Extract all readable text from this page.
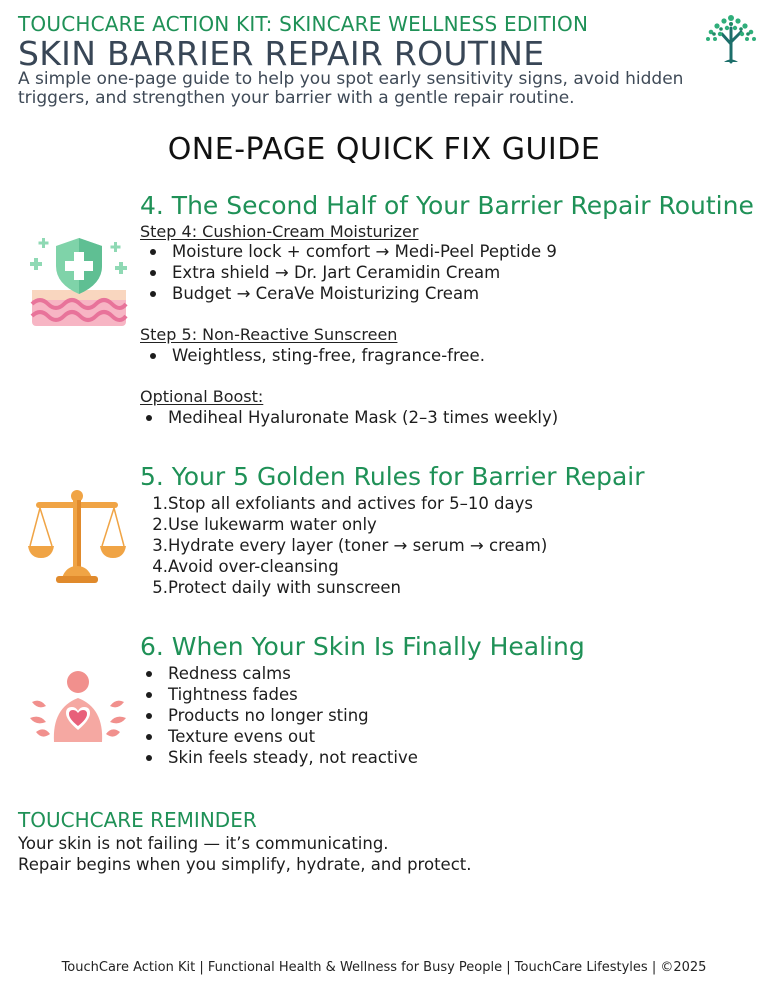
TOUCHCARE ACTION KIT: SKINCARE WELLNESS EDITION
SKIN BARRIER REPAIR ROUTINE
A simple one-page guide to help you spot early sensitivity signs, avoid hidden triggers, and strengthen your barrier with a gentle repair routine.
ONE-PAGE QUICK FIX GUIDE
4. The Second Half of Your Barrier Repair Routine
Step 4: Cushion-Cream Moisturizer
Moisture lock + comfort → Medi-Peel Peptide 9
Extra shield → Dr. Jart Ceramidin Cream
Budget → CeraVe Moisturizing Cream
Step 5: Non-Reactive Sunscreen
Weightless, sting-free, fragrance-free.
Optional Boost:
Mediheal Hyaluronate Mask (2–3 times weekly)
5. Your 5 Golden Rules for Barrier Repair
1.Stop all exfoliants and actives for 5–10 days
2.Use lukewarm water only
3.Hydrate every layer (toner → serum → cream)
4.Avoid over-cleansing
5.Protect daily with sunscreen
6. When Your Skin Is Finally Healing
Redness calms
Tightness fades
Products no longer sting
Texture evens out
Skin feels steady, not reactive
TOUCHCARE REMINDER
Your skin is not failing — it’s communicating.
Repair begins when you simplify, hydrate, and protect.
TouchCare Action Kit | Functional Health & Wellness for Busy People | TouchCare Lifestyles | ©2025
